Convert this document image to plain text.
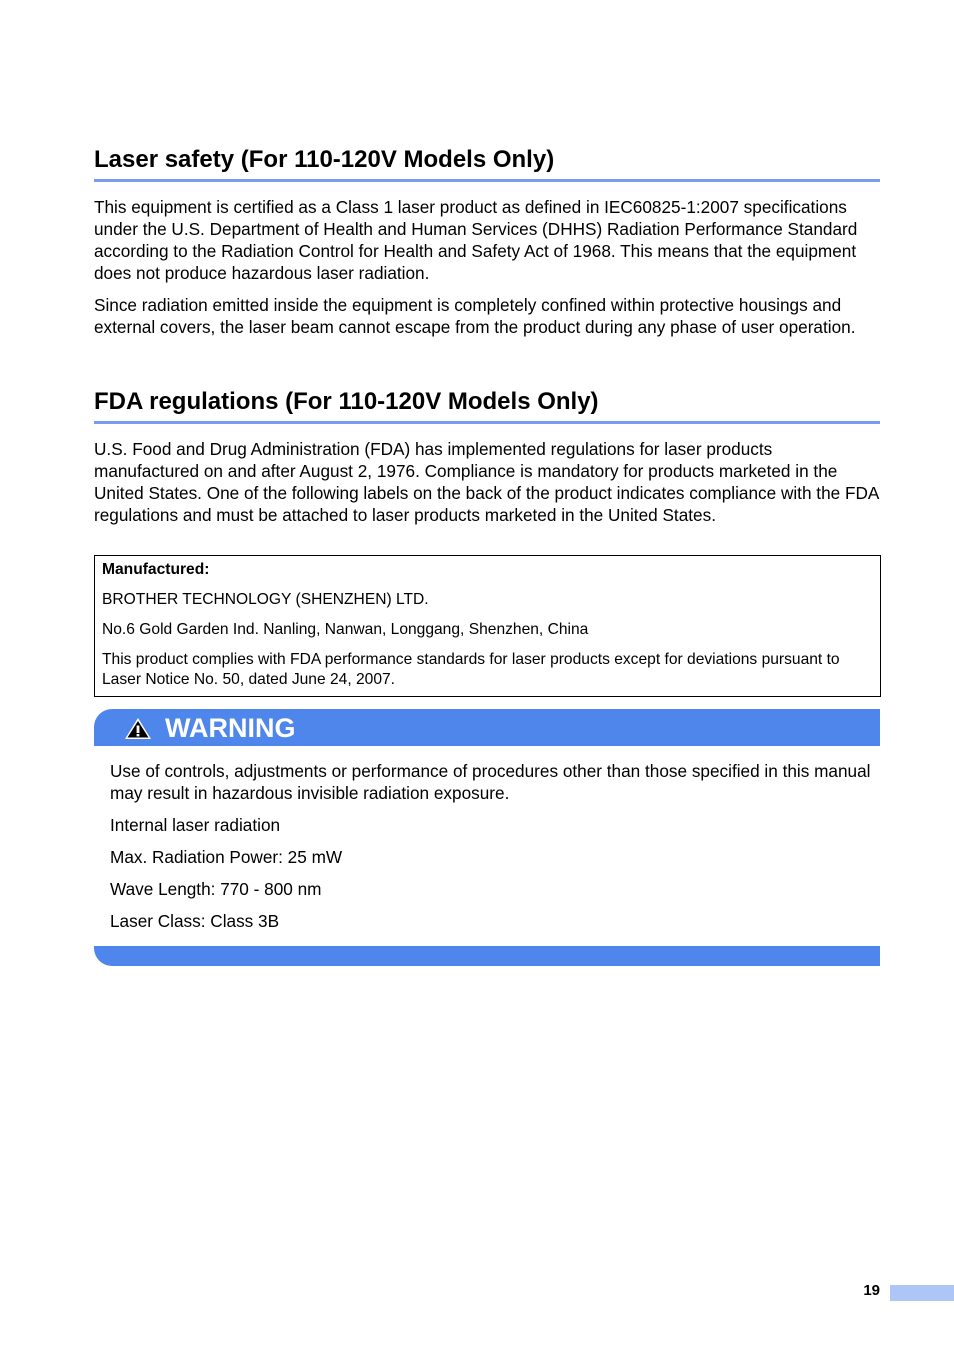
Laser safety (For 110-120V Models Only)

This equipment is certified as a Class 1 laser product as defined in IEC60825-1:2007 specifications under the U.S. Department of Health and Human Services (DHHS) Radiation Performance Standard according to the Radiation Control for Health and Safety Act of 1968. This means that the equipment does not produce hazardous laser radiation.

Since radiation emitted inside the equipment is completely confined within protective housings and external covers, the laser beam cannot escape from the product during any phase of user operation.

FDA regulations (For 110-120V Models Only)

U.S. Food and Drug Administration (FDA) has implemented regulations for laser products manufactured on and after August 2, 1976. Compliance is mandatory for products marketed in the United States. One of the following labels on the back of the product indicates compliance with the FDA regulations and must be attached to laser products marketed in the United States.

Manufactured:

BROTHER TECHNOLOGY (SHENZHEN) LTD.

No.6 Gold Garden Ind. Nanling, Nanwan, Longgang, Shenzhen, China

This product complies with FDA performance standards for laser products except for deviations pursuant to Laser Notice No. 50, dated June 24, 2007.

WARNING

Use of controls, adjustments or performance of procedures other than those specified in this manual may result in hazardous invisible radiation exposure.

Internal laser radiation

Max. Radiation Power: 25 mW

Wave Length: 770 - 800 nm

Laser Class: Class 3B

19
